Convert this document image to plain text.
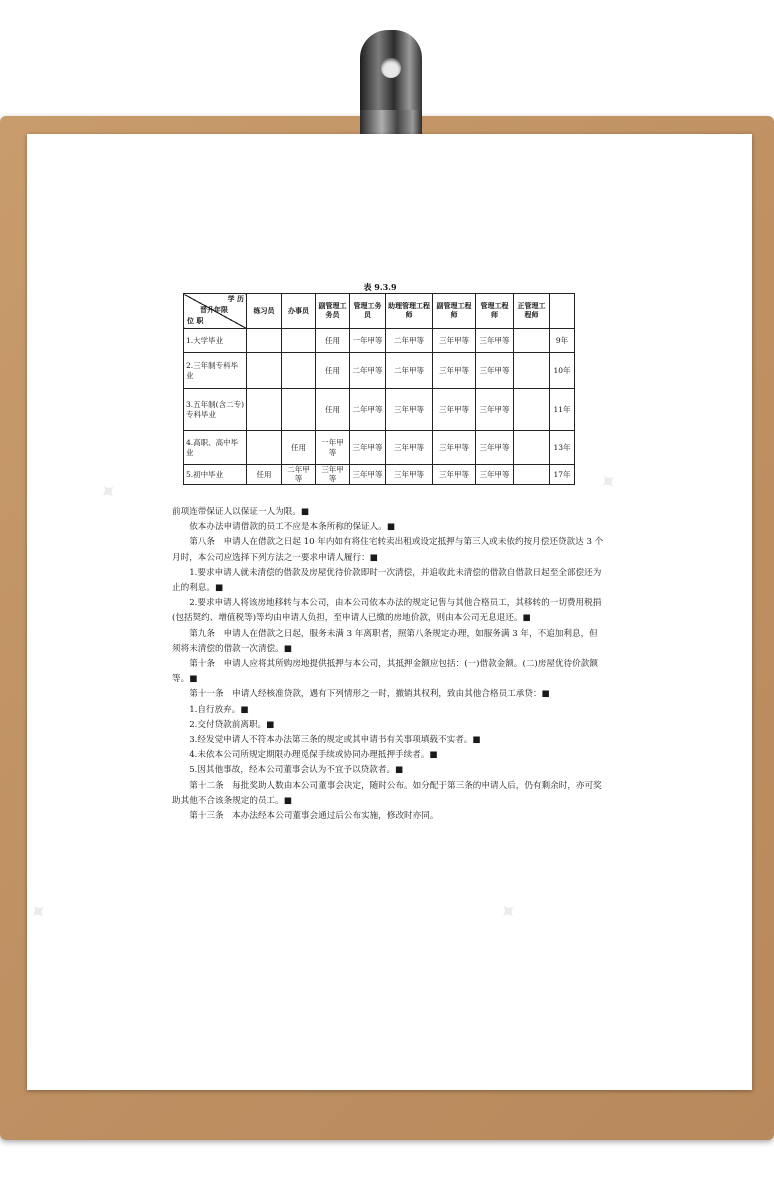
表 9.3.9
学 历
晋升年限
位 职	练习员	办事员	副管理工务员	管理工务员	助理管理工程师	副管理工程师	管理工程师	正管理工程师	
1.大学毕业			任用	一年甲等	二年甲等	三年甲等	三年甲等		9年
2.三年制专科毕业			任用	二年甲等	二年甲等	三年甲等	三年甲等		10年
3.五年制(含二专)专科毕业			任用	二年甲等	三年甲等	三年甲等	三年甲等		11年
4.高职、高中毕业		任用	一年甲等	三年甲等	三年甲等	三年甲等	三年甲等		13年
5.初中毕业	任用	二年甲等	三年甲等	三年甲等	三年甲等	三年甲等	三年甲等		17年

前项连带保证人以保证一人为限。■

依本办法申请借款的员工不应是本条所称的保证人。■

第八条　申请人在借款之日起 10 年内如有将住宅转卖出租或设定抵押与第三人或未依约按月偿还贷款达 3 个月时，本公司应选择下列方法之一要求申请人履行：■

1.要求申请人就未清偿的借款及房屋优待价款即时一次清偿，并追收此未清偿的借款自借款日起至全部偿还为止的利息。■

2.要求申请人将该房地移转与本公司，由本公司依本办法的规定记售与其他合格员工，其移转的一切费用税捐(包括契约、增值税等)等均由申请人负担，至申请人已缴的房地价款，则由本公司无息退还。■

第九条　申请人在借款之日起，服务未满 3 年离职者，照第八条规定办理，如服务满 3 年，不追加利息，但须将未清偿的借款一次清偿。■

第十条　申请人应将其所购房地提供抵押与本公司，其抵押金额应包括：(一)借款金额。(二)房屋优待价款额等。■

第十一条　申请人经核准贷款，遇有下列情形之一时，撤销其权利，致由其他合格员工承贷：■

1.自行放弃。■

2.交付贷款前离职。■

3.经发觉申请人不符本办法第三条的规定或其申请书有关事项填载不实者。■

4.未依本公司所规定期限办理觅保手续或协同办理抵押手续者。■

5.因其他事故，经本公司董事会认为不宜予以贷款者。■

第十二条　每批奖助人数由本公司董事会决定，随时公布。如分配于第三条的申请人后，仍有剩余时，亦可奖助其他不合该条规定的员工。■

第十三条　本办法经本公司董事会通过后公布实施，修改时亦同。
